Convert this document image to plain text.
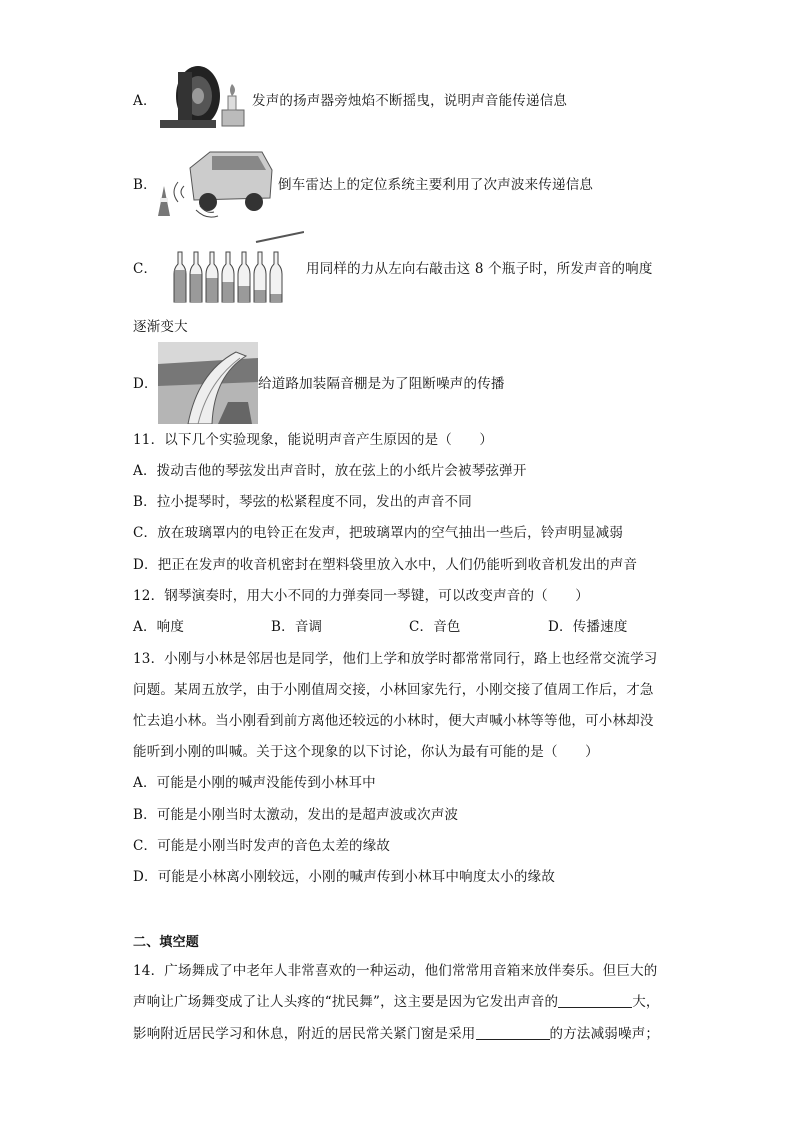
A．	发声的扬声器旁烛焰不断摇曳，说明声音能传递信息
B．	倒车雷达上的定位系统主要利用了次声波来传递信息
C．	用同样的力从左向右敲击这 8 个瓶子时，所发声音的响度
逐渐变大
D．	给道路加装隔音棚是为了阻断噪声的传播
11．以下几个实验现象，能说明声音产生原因的是（　　）
A．拨动吉他的琴弦发出声音时，放在弦上的小纸片会被琴弦弹开
B．拉小提琴时，琴弦的松紧程度不同，发出的声音不同
C．放在玻璃罩内的电铃正在发声，把玻璃罩内的空气抽出一些后，铃声明显减弱
D．把正在发声的收音机密封在塑料袋里放入水中，人们仍能听到收音机发出的声音
12．钢琴演奏时，用大小不同的力弹奏同一琴键，可以改变声音的（　　）
A．响度	B．音调	C．音色	D．传播速度
13．小刚与小林是邻居也是同学，他们上学和放学时都常常同行，路上也经常交流学习
问题。某周五放学，由于小刚值周交接，小林回家先行，小刚交接了值周工作后，才急
忙去追小林。当小刚看到前方离他还较远的小林时，便大声喊小林等等他，可小林却没
能听到小刚的叫喊。关于这个现象的以下讨论，你认为最有可能的是（　　）
A．可能是小刚的喊声没能传到小林耳中
B．可能是小刚当时太激动，发出的是超声波或次声波
C．可能是小刚当时发声的音色太差的缘故
D．可能是小林离小刚较远，小刚的喊声传到小林耳中响度太小的缘故
二、填空题
14．广场舞成了中老年人非常喜欢的一种运动，他们常常用音箱来放伴奏乐。但巨大的
声响让广场舞变成了让人头疼的“扰民舞”，这主要是因为它发出声音的	大，
影响附近居民学习和休息，附近的居民常关紧门窗是采用	的方法减弱噪声；
